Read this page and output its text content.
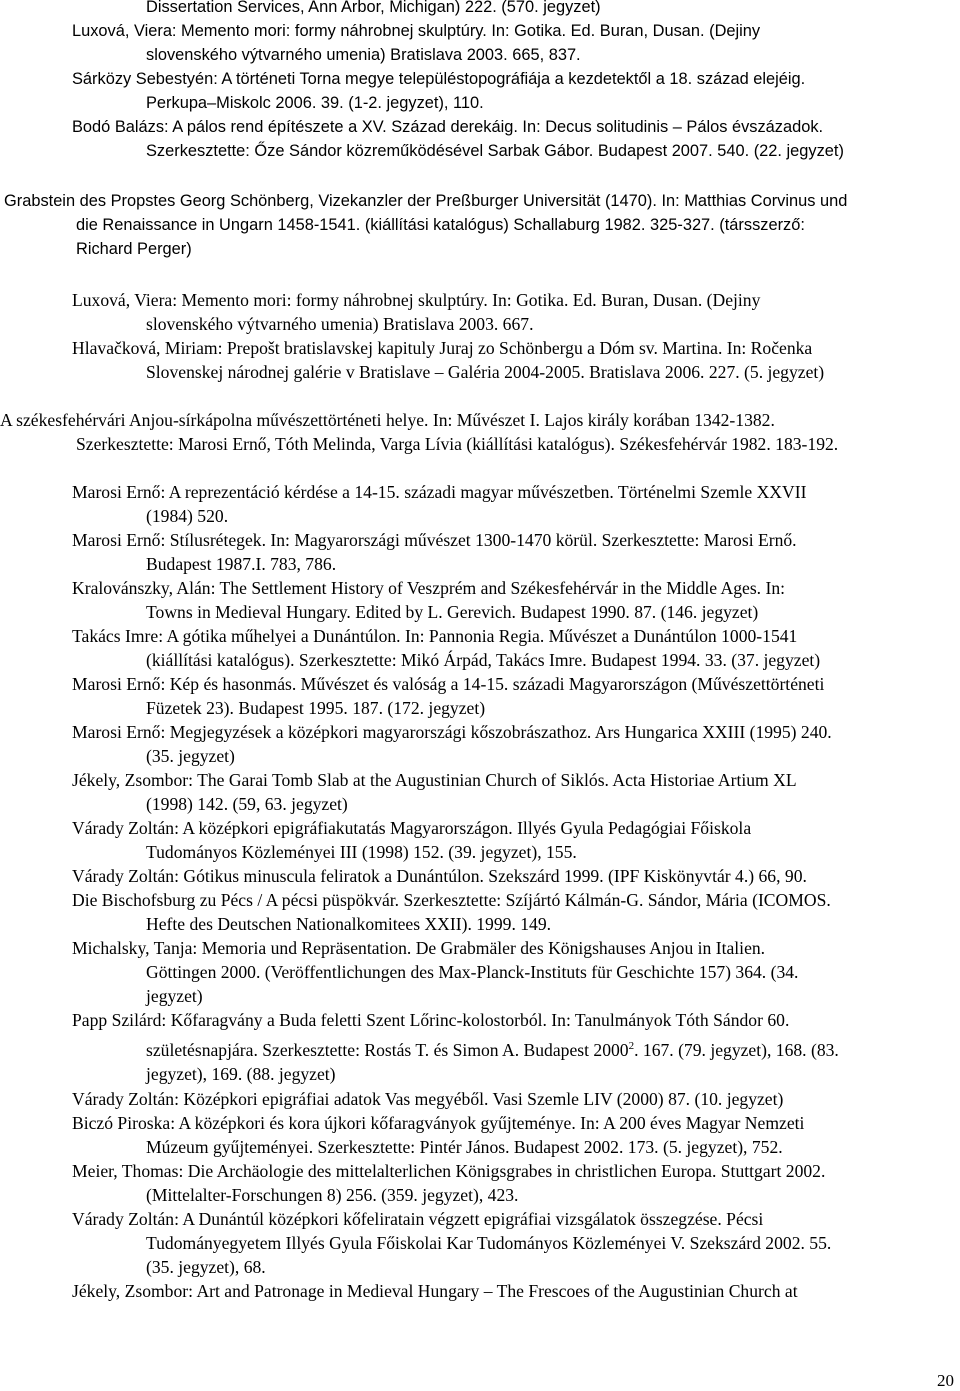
Dissertation Services, Ann Arbor, Michigan) 222. (570. jegyzet)
Luxová, Viera: Memento mori: formy náhrobnej skulptúry. In: Gotika. Ed. Buran, Dusan. (Dejiny
slovenského výtvarného umenia) Bratislava 2003. 665, 837.
Sárközy Sebestyén: A történeti Torna megye településtopográfiája a kezdetektől a 18. század elejéig.
Perkupa–Miskolc 2006. 39. (1-2. jegyzet), 110.
Bodó Balázs: A pálos rend építészete a XV. Század derekáig. In: Decus solitudinis – Pálos évszázadok.
Szerkesztette: Őze Sándor közreműködésével Sarbak Gábor. Budapest 2007. 540. (22. jegyzet)
Grabstein des Propstes Georg Schönberg, Vizekanzler der Preßburger Universität (1470). In: Matthias Corvinus und
die Renaissance in Ungarn 1458-1541. (kiállítási katalógus) Schallaburg 1982. 325-327. (társszerző:
Richard Perger)
Luxová, Viera: Memento mori: formy náhrobnej skulptúry. In: Gotika. Ed. Buran, Dusan. (Dejiny
slovenského výtvarného umenia) Bratislava 2003. 667.
Hlavačková, Miriam: Prepošt bratislavskej kapituly Juraj zo Schönbergu a Dóm sv. Martina. In: Ročenka
Slovenskej národnej galérie v Bratislave – Galéria 2004-2005. Bratislava 2006. 227. (5. jegyzet)
A székesfehérvári Anjou-sírkápolna művészettörténeti helye. In: Művészet I. Lajos király korában 1342-1382.
Szerkesztette: Marosi Ernő, Tóth Melinda, Varga Lívia (kiállítási katalógus). Székesfehérvár 1982. 183-192.
Marosi Ernő: A reprezentáció kérdése a 14-15. századi magyar művészetben. Történelmi Szemle XXVII
(1984) 520.
Marosi Ernő: Stílusrétegek. In: Magyarországi művészet 1300-1470 körül. Szerkesztette: Marosi Ernő.
Budapest 1987.I. 783, 786.
Kralovánszky, Alán: The Settlement History of Veszprém and Székesfehérvár in the Middle Ages. In:
Towns in Medieval Hungary. Edited by L. Gerevich. Budapest 1990. 87. (146. jegyzet)
Takács Imre: A gótika műhelyei a Dunántúlon. In: Pannonia Regia. Művészet a Dunántúlon 1000-1541
(kiállítási katalógus). Szerkesztette: Mikó Árpád, Takács Imre. Budapest 1994. 33. (37. jegyzet)
Marosi Ernő: Kép és hasonmás. Művészet és valóság a 14-15. századi Magyarországon (Művészettörténeti
Füzetek 23). Budapest 1995. 187. (172. jegyzet)
Marosi Ernő: Megjegyzések a középkori magyarországi kőszobrászathoz. Ars Hungarica XXIII (1995) 240.
(35. jegyzet)
Jékely, Zsombor: The Garai Tomb Slab at the Augustinian Church of Siklós. Acta Historiae Artium XL
(1998) 142. (59, 63. jegyzet)
Várady Zoltán: A középkori epigráfiakutatás Magyarországon. Illyés Gyula Pedagógiai Főiskola
Tudományos Közleményei III (1998) 152. (39. jegyzet), 155.
Várady Zoltán: Gótikus minuscula feliratok a Dunántúlon. Szekszárd 1999. (IPF Kiskönyvtár 4.) 66, 90.
Die Bischofsburg zu Pécs / A pécsi püspökvár. Szerkesztette: Szíjártó Kálmán-G. Sándor, Mária (ICOMOS.
Hefte des Deutschen Nationalkomitees XXII). 1999. 149.
Michalsky, Tanja: Memoria und Repräsentation. De Grabmäler des Königshauses Anjou in Italien.
Göttingen 2000. (Veröffentlichungen des Max-Planck-Instituts für Geschichte 157) 364. (34.
jegyzet)
Papp Szilárd: Kőfaragvány a Buda feletti Szent Lőrinc-kolostorból. In: Tanulmányok Tóth Sándor 60.
születésnapjára. Szerkesztette: Rostás T. és Simon A. Budapest 2000$^2$. 167. (79. jegyzet), 168. (83.
jegyzet), 169. (88. jegyzet)
Várady Zoltán: Középkori epigráfiai adatok Vas megyéből. Vasi Szemle LIV (2000) 87. (10. jegyzet)
Biczó Piroska: A középkori és kora újkori kőfaragványok gyűjteménye. In: A 200 éves Magyar Nemzeti
Múzeum gyűjteményei. Szerkesztette: Pintér János. Budapest 2002. 173. (5. jegyzet), 752.
Meier, Thomas: Die Archäologie des mittelalterlichen Königsgrabes in christlichen Europa. Stuttgart 2002.
(Mittelalter-Forschungen 8) 256. (359. jegyzet), 423.
Várady Zoltán: A Dunántúl középkori kőfeliratain végzett epigráfiai vizsgálatok összegzése. Pécsi
Tudományegyetem Illyés Gyula Főiskolai Kar Tudományos Közleményei V. Szekszárd 2002. 55.
(35. jegyzet), 68.
Jékely, Zsombor: Art and Patronage in Medieval Hungary – The Frescoes of the Augustinian Church at
20
